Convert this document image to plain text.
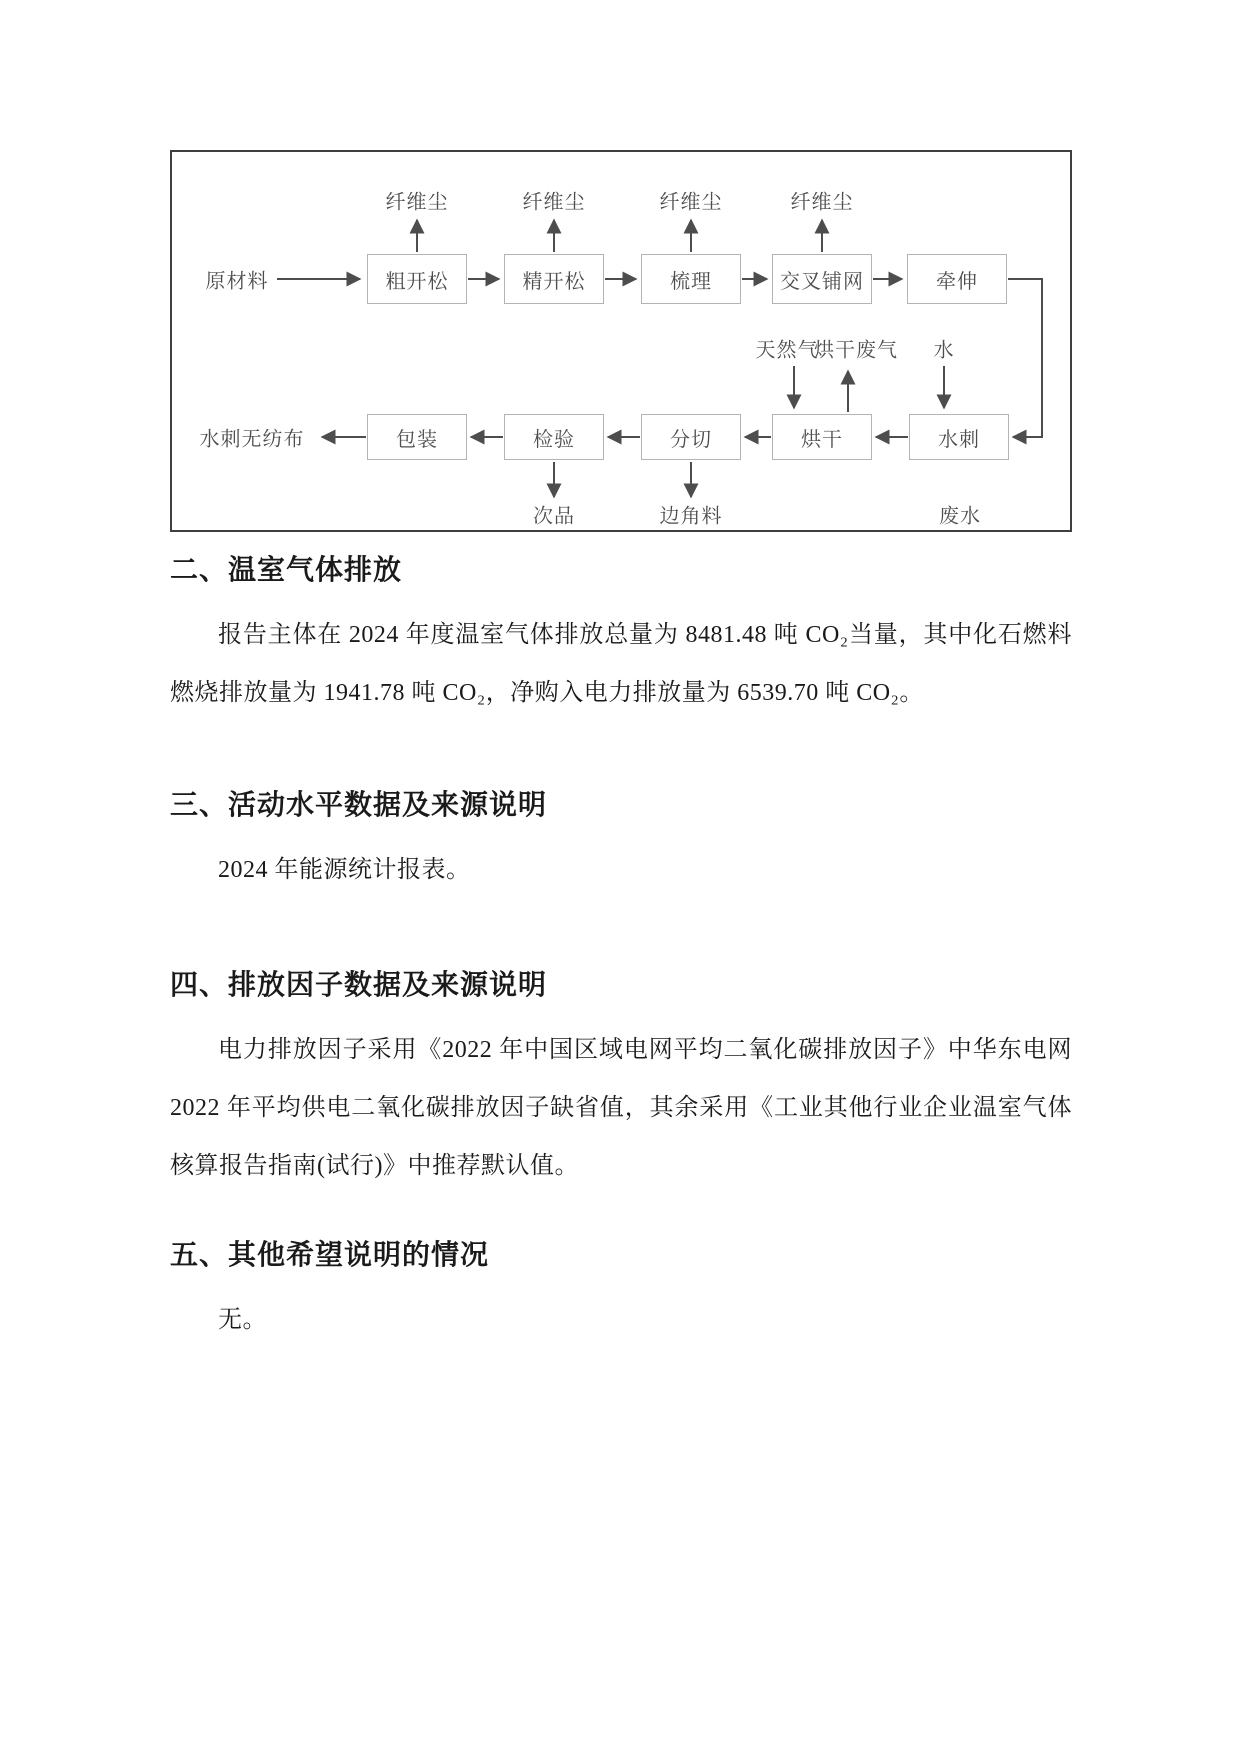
纤维尘	纤维尘	纤维尘	纤维尘
原材料	粗开松	精开松	梳理	交叉铺网	牵伸
天然气
烘干废气 水
水刺无纺布	包装	检验	分切	烘干	水刺
次品	边角料	废水
二、温室气体排放
报告主体在 2024 年度温室气体排放总量为 8481.48 吨 CO₂当量，其中化石燃料燃烧排放量为 1941.78 吨 CO₂，净购入电力排放量为 6539.70 吨 CO₂。
三、活动水平数据及来源说明
2024 年能源统计报表。
四、排放因子数据及来源说明
电力排放因子采用《2022 年中国区域电网平均二氧化碳排放因子》中华东电网 2022 年平均供电二氧化碳排放因子缺省值，其余采用《工业其他行业企业温室气体核算报告指南(试行)》中推荐默认值。
五、其他希望说明的情况
无。
